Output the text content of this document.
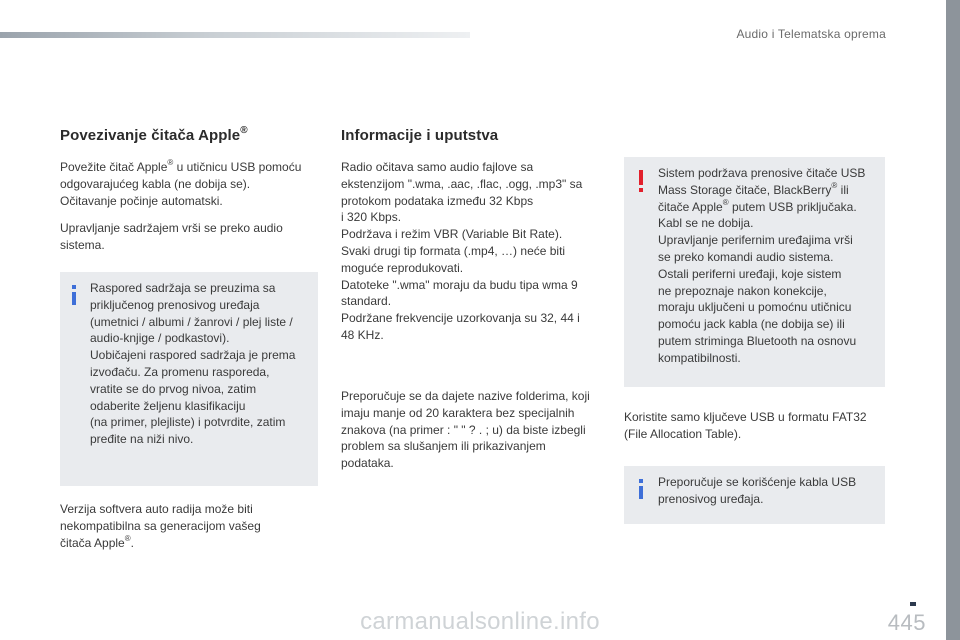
Audio i Telematska oprema
Povezivanje čitača Apple®

Povežite čitač Apple® u utičnicu USB pomoću
odgovarajućeg kabla (ne dobija se).
Očitavanje počinje automatski.

Upravljanje sadržajem vrši se preko audio
sistema.

Raspored sadržaja se preuzima sa
priključenog prenosivog uređaja
(umetnici / albumi / žanrovi / plej liste /
audio-knjige / podkastovi).
Uobičajeni raspored sadržaja je prema
izvođaču. Za promenu rasporeda,
vratite se do prvog nivoa, zatim
odaberite željenu klasifikaciju
(na primer, plejliste) i potvrdite, zatim
pređite na niži nivo.

Verzija softvera auto radija može biti
nekompatibilna sa generacijom vašeg
čitača Apple®.

Informacije i uputstva

Radio očitava samo audio fajlove sa
ekstenzijom ".wma, .aac, .flac, .ogg, .mp3" sa
protokom podataka između 32 Kbps
i 320 Kbps.
Podržava i režim VBR (Variable Bit Rate).
Svaki drugi tip formata (.mp4, …) neće biti
moguće reprodukovati.
Datoteke ".wma" moraju da budu tipa wma 9
standard.
Podržane frekvencije uzorkovanja su 32, 44 i
48 KHz.

Preporučuje se da dajete nazive folderima, koji
imaju manje od 20 karaktera bez specijalnih
znakova (na primer : " " ? . ; u) da biste izbegli
problem sa slušanjem ili prikazivanjem
podataka.

Sistem podržava prenosive čitače USB
Mass Storage čitače, BlackBerry® ili
čitače Apple® putem USB priključaka.
Kabl se ne dobija.
Upravljanje perifernim uređajima vrši
se preko komandi audio sistema.
Ostali periferni uređaji, koje sistem
ne prepoznaje nakon konekcije,
moraju uključeni u pomoćnu utičnicu
pomoću jack kabla (ne dobija se) ili
putem strimingа Bluetooth na osnovu
kompatibilnosti.

Koristite samo ključeve USB u formatu FAT32
(File Allocation Table).

Preporučuje se korišćenje kabla USB
prenosivog uređaja.

carmanualsonline.info	445
